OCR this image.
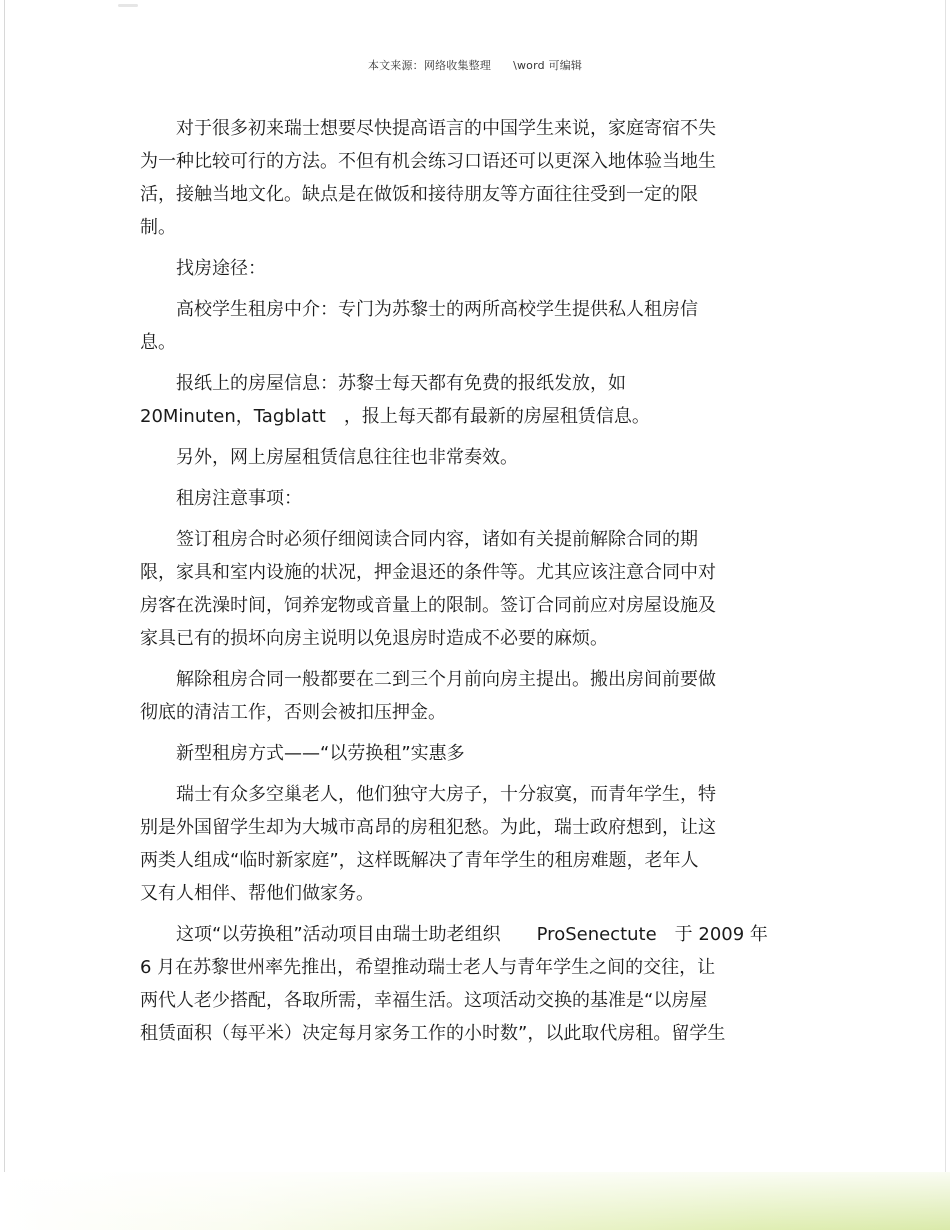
本文来源：网络收集整理 \word 可编辑

对于很多初来瑞士想要尽快提高语言的中国学生来说，家庭寄宿不失
为一种比较可行的方法。不但有机会练习口语还可以更深入地体验当地生
活，接触当地文化。缺点是在做饭和接待朋友等方面往往受到一定的限
制。

找房途径：

高校学生租房中介：专门为苏黎士的两所高校学生提供私人租房信
息。

报纸上的房屋信息：苏黎士每天都有免费的报纸发放，如
20Minuten，Tagblatt　，报上每天都有最新的房屋租赁信息。

另外，网上房屋租赁信息往往也非常奏效。

租房注意事项：

签订租房合时必须仔细阅读合同内容，诸如有关提前解除合同的期
限，家具和室内设施的状况，押金退还的条件等。尤其应该注意合同中对
房客在洗澡时间，饲养宠物或音量上的限制。签订合同前应对房屋设施及
家具已有的损坏向房主说明以免退房时造成不必要的麻烦。

解除租房合同一般都要在二到三个月前向房主提出。搬出房间前要做
彻底的清洁工作，否则会被扣压押金。

新型租房方式——“以劳换租”实惠多

瑞士有众多空巢老人，他们独守大房子，十分寂寞，而青年学生，特
别是外国留学生却为大城市高昂的房租犯愁。为此，瑞士政府想到，让这
两类人组成“临时新家庭”，这样既解决了青年学生的租房难题，老年人
又有人相伴、帮他们做家务。

这项“以劳换租”活动项目由瑞士助老组织　　ProSenectute　于 2009 年
6 月在苏黎世州率先推出，希望推动瑞士老人与青年学生之间的交往，让
两代人老少搭配，各取所需，幸福生活。这项活动交换的基准是“以房屋
租赁面积（每平米）决定每月家务工作的小时数”，以此取代房租。留学生
